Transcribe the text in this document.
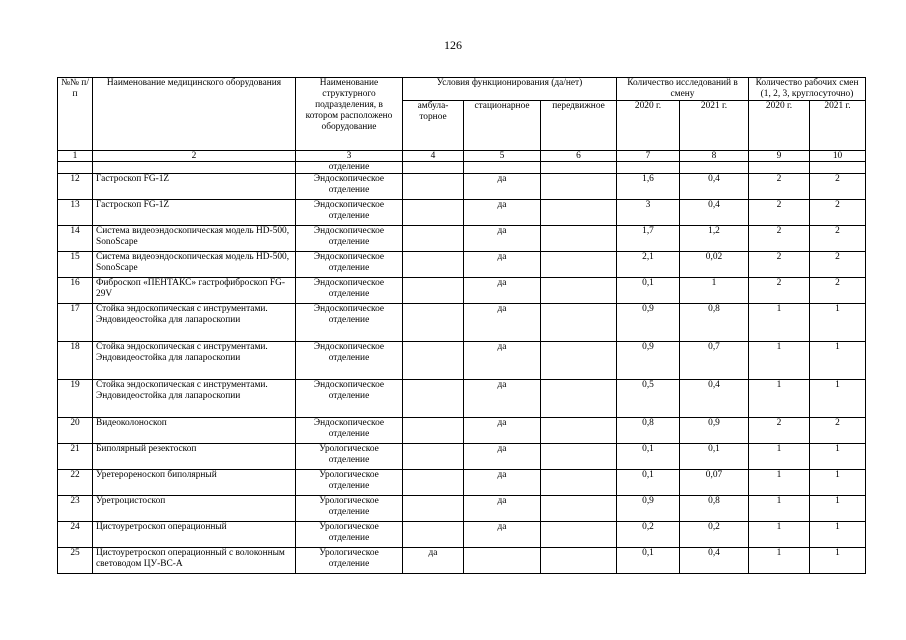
126
№№ п/п	Наименование медицинского оборудования	Наименование структурного подразделения, в котором расположено оборудование	Условия функционирования (да/нет)			Количество исследований в смену		Количество рабочих смен (1, 2, 3, круглосуточно)	
			амбула-торное	стационарное	передвижное	2020 г.	2021 г.	2020 г.	2021 г.
1	2	3	4	5	6	7	8	9	10
		отделение							
12	Гастроскоп FG-1Z	Эндоскопическое отделение		да		1,6	0,4	2	2
13	Гастроскоп FG-1Z	Эндоскопическое отделение		да		3	0,4	2	2
14	Система видеоэндоскопическая модель HD-500, SonoScape	Эндоскопическое отделение		да		1,7	1,2	2	2
15	Система видеоэндоскопическая модель HD-500, SonoScape	Эндоскопическое отделение		да		2,1	0,02	2	2
16	Фиброскоп «ПЕНТАКС» гастрофиброскоп FG-29V	Эндоскопическое отделение		да		0,1	1	2	2
17	Стойка эндоскопическая с инструментами. Эндовидеостойка для лапароскопии	Эндоскопическое отделение		да		0,9	0,8	1	1
18	Стойка эндоскопическая с инструментами. Эндовидеостойка для лапароскопии	Эндоскопическое отделение		да		0,9	0,7	1	1
19	Стойка эндоскопическая с инструментами. Эндовидеостойка для лапароскопии	Эндоскопическое отделение		да		0,5	0,4	1	1
20	Видеоколоноскоп	Эндоскопическое отделение		да		0,8	0,9	2	2
21	Биполярный резектоскоп	Урологическое отделение		да		0,1	0,1	1	1
22	Уретерореноскоп биполярный	Урологическое отделение		да		0,1	0,07	1	1
23	Уретроцистоскоп	Урологическое отделение		да		0,9	0,8	1	1
24	Цистоуретроскоп операционный	Урологическое отделение		да		0,2	0,2	1	1
25	Цистоуретроскоп операционный с волоконным световодом ЦУ-ВС-А	Урологическое отделение	да			0,1	0,4	1	1
